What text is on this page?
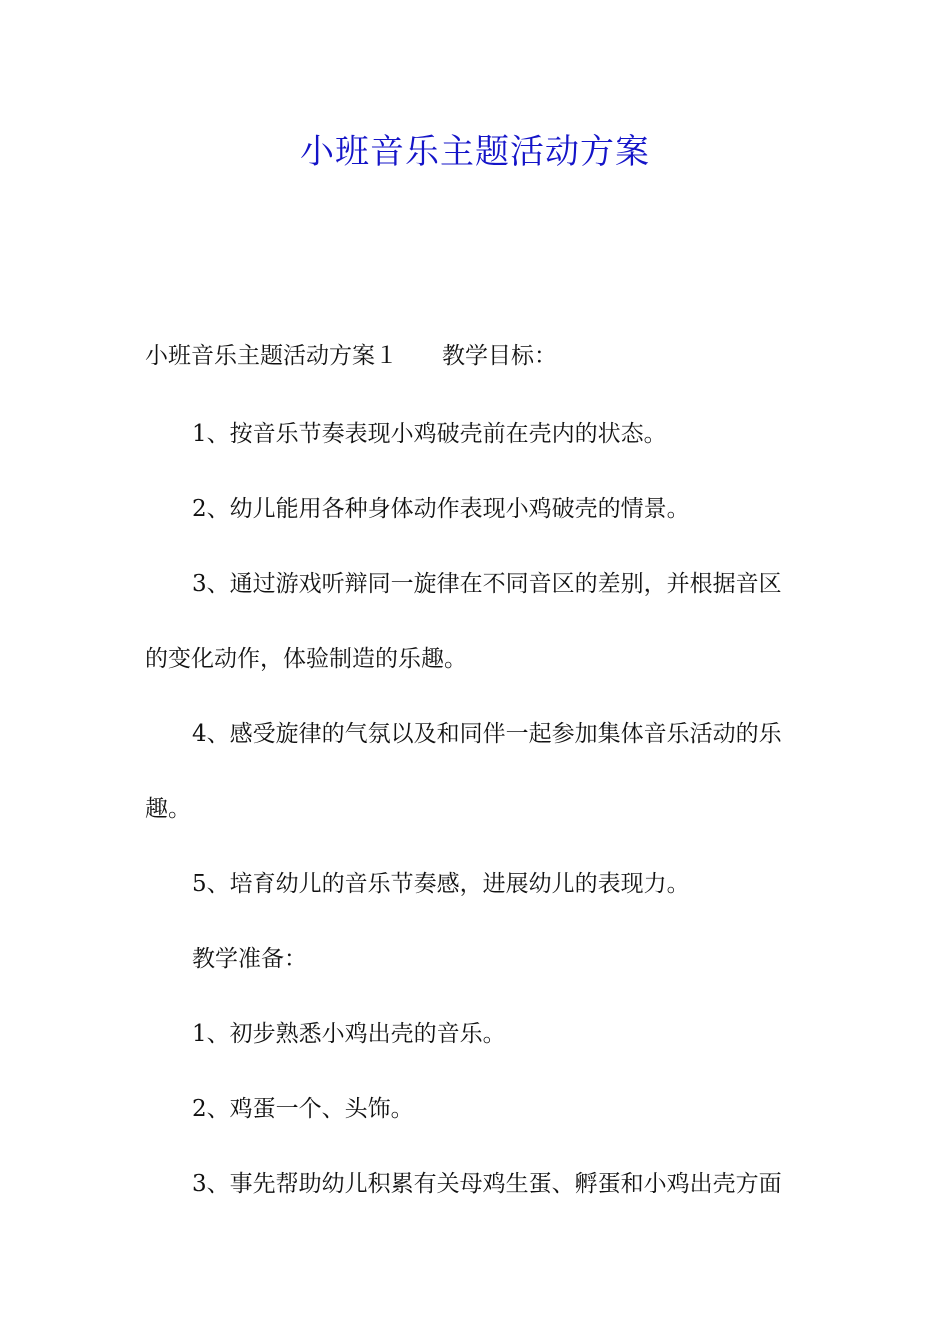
小班音乐主题活动方案

小班音乐主题活动方案１ 教学目标：

1、按音乐节奏表现小鸡破壳前在壳内的状态。

2、幼儿能用各种身体动作表现小鸡破壳的情景。

3、通过游戏听辩同一旋律在不同音区的差别，并根据音区

的变化动作，体验制造的乐趣。

4、感受旋律的气氛以及和同伴一起参加集体音乐活动的乐

趣。

5、培育幼儿的音乐节奏感，进展幼儿的表现力。

教学准备：

1、初步熟悉小鸡出壳的音乐。

2、鸡蛋一个、头饰。

3、事先帮助幼儿积累有关母鸡生蛋、孵蛋和小鸡出壳方面
